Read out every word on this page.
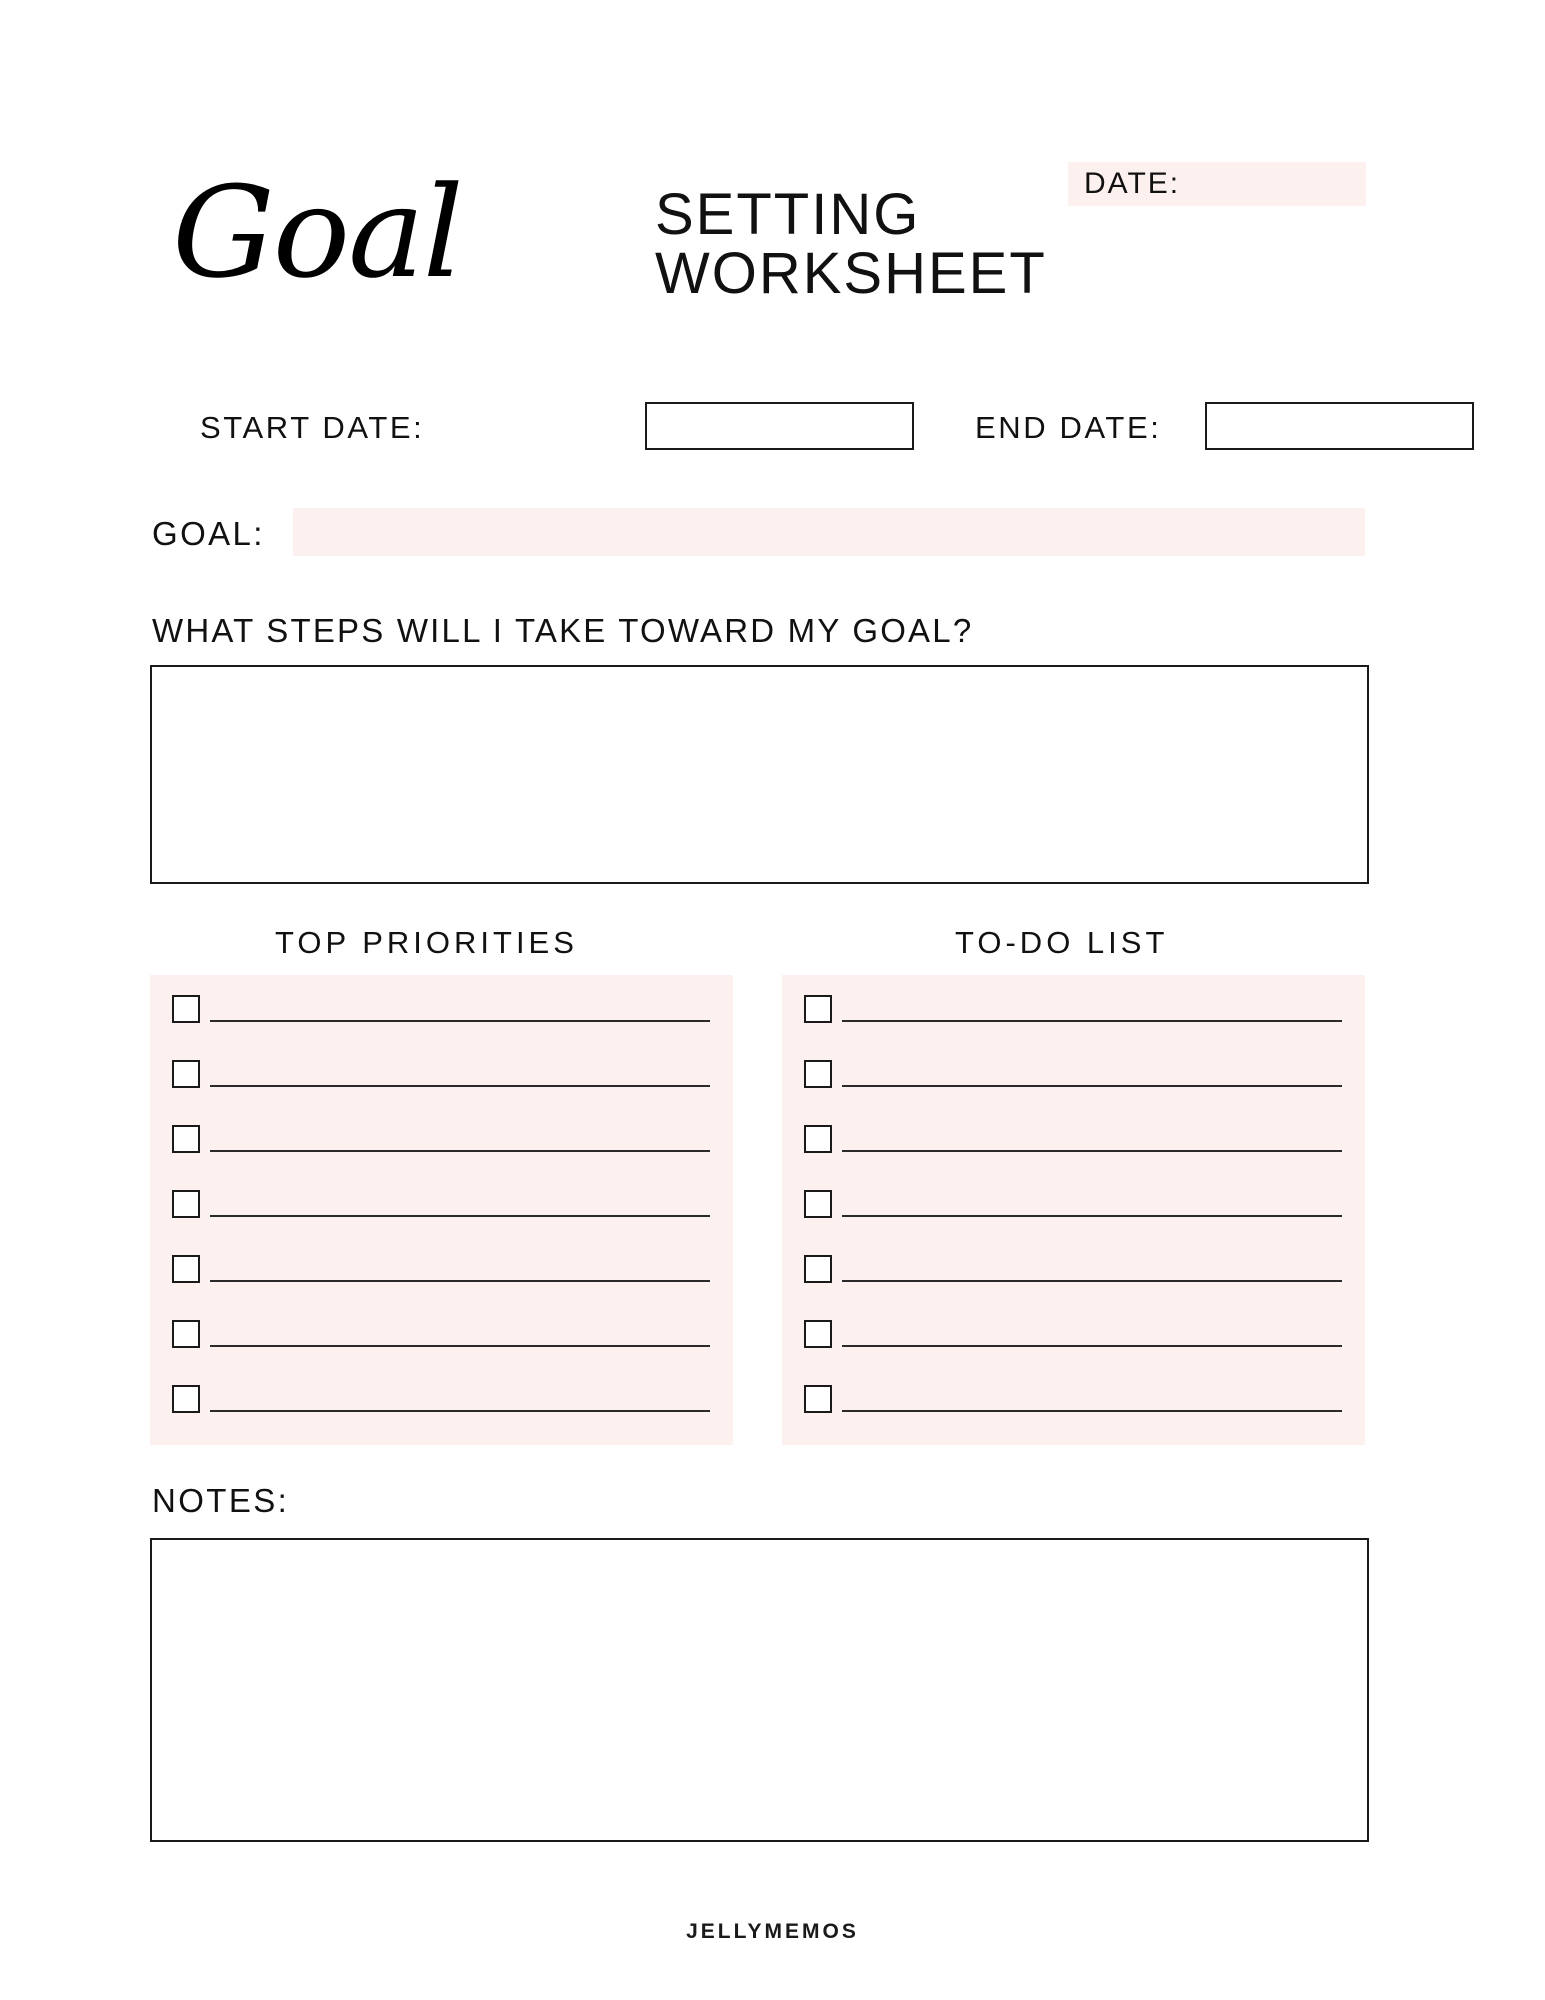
DATE:
Goal	SETTING
WORKSHEET
START DATE:	END DATE:
GOAL:
WHAT STEPS WILL I TAKE TOWARD MY GOAL?
TOP PRIORITIES	TO-DO LIST
NOTES:
JELLYMEMOS
